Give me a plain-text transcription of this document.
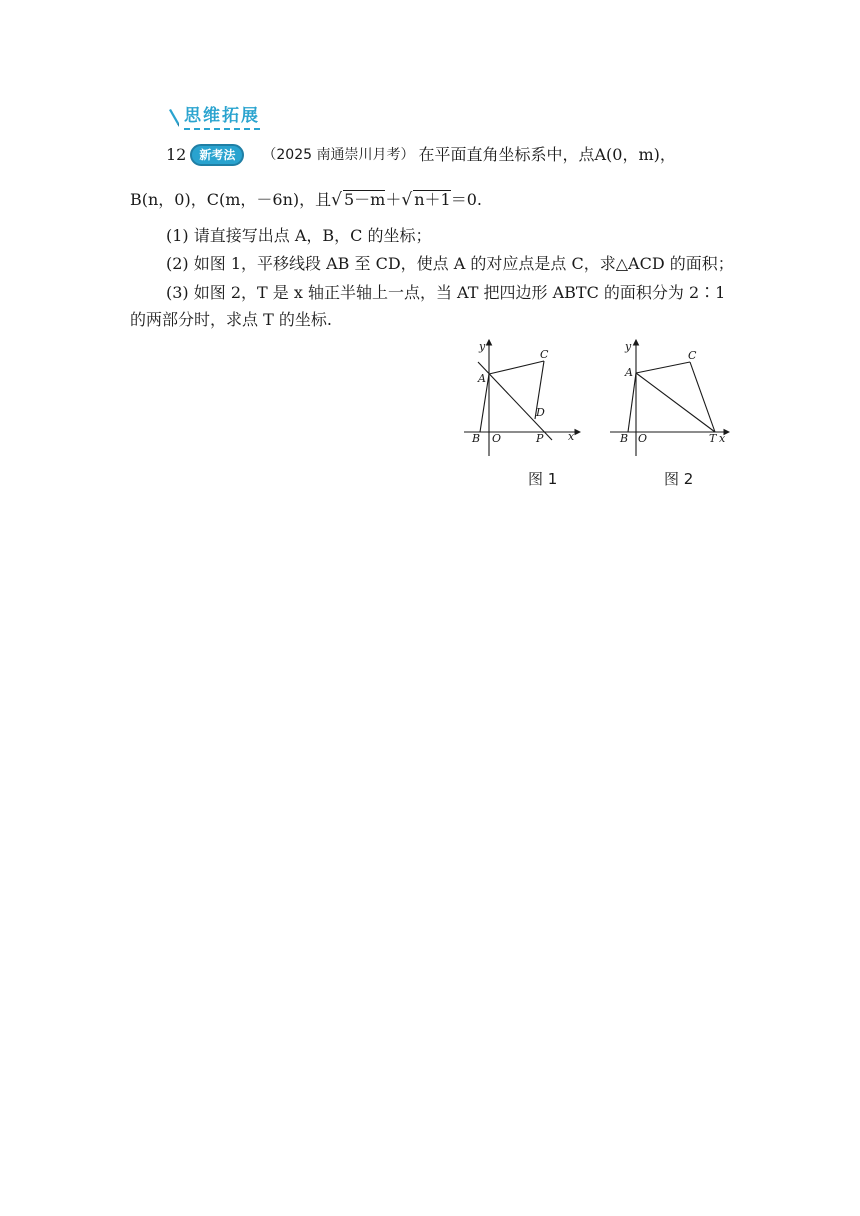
思维拓展
12	新考法	（2025 南通崇川月考） 在平面直角坐标系中，点 A(0，m)，
B(n，0)，C(m，－6n)，且√ 5－m＋√ n＋1＝0.
(1) 请直接写出点 A，B，C 的坐标；
(2) 如图 1，平移线段 AB 至 CD，使点 A 的对应点是点 C，求△ACD 的面积；
(3) 如图 2，T 是 x 轴正半轴上一点，当 AT 把四边形 ABTC 的面积分为 2∶1
的两部分时，求点 T 的坐标.
y
x
A
B O
C
D
P
y
x
A
B O
C
T
图 1	图 2
